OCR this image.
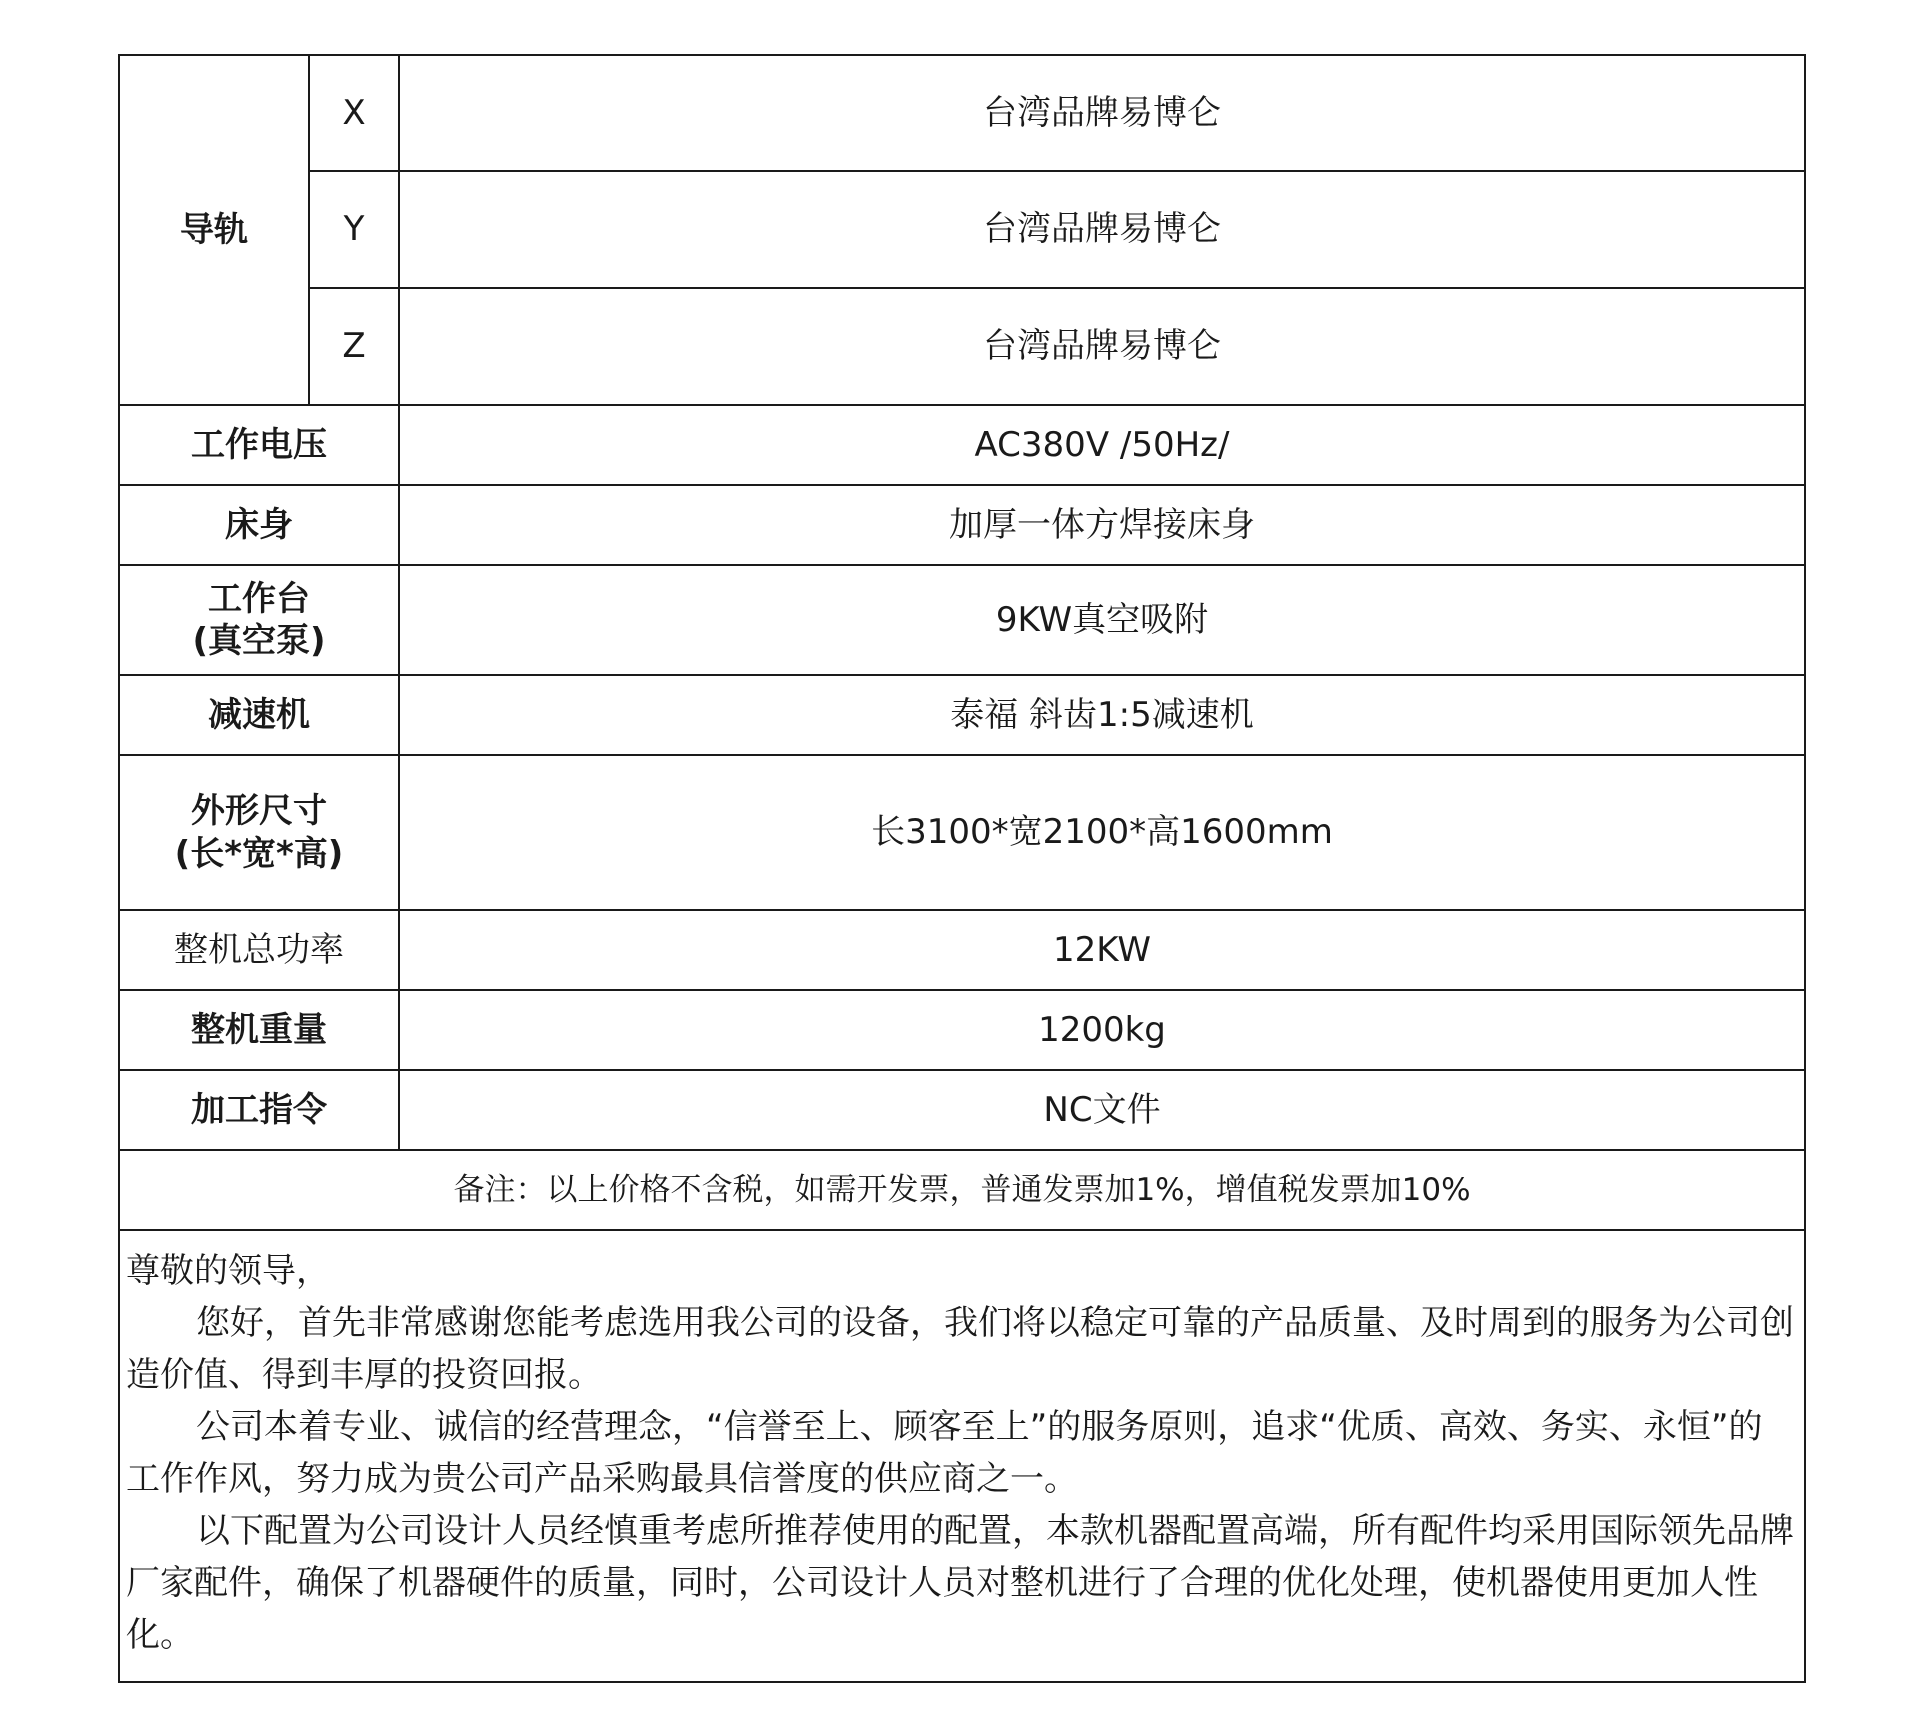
导轨	X	台湾品牌易博仑
	Y	台湾品牌易博仑
	Z	台湾品牌易博仑
工作电压		AC380V /50Hz/
床身		加厚一体方焊接床身

工作台
(真空泵)		9KW真空吸附
减速机		泰福 斜齿1:5减速机

外形尺寸
(长*宽*高)		长3100*宽2100*高1600mm
整机总功率		12KW
整机重量		1200kg
加工指令		NC文件
备注：以上价格不含税，如需开发票，普通发票加1%，增值税发票加10%		

尊敬的领导，

您好，首先非常感谢您能考虑选用我公司的设备，我们将以稳定可靠的产品质量、及时周到的服务为公司创造价值、得到丰厚的投资回报。

公司本着专业、诚信的经营理念，“信誉至上、顾客至上”的服务原则，追求“优质、高效、务实、永恒”的工作作风，努力成为贵公司产品采购最具信誉度的供应商之一。

以下配置为公司设计人员经慎重考虑所推荐使用的配置，本款机器配置高端，所有配件均采用国际领先品牌厂家配件，确保了机器硬件的质量，同时，公司设计人员对整机进行了合理的优化处理，使机器使用更加人性化。		
